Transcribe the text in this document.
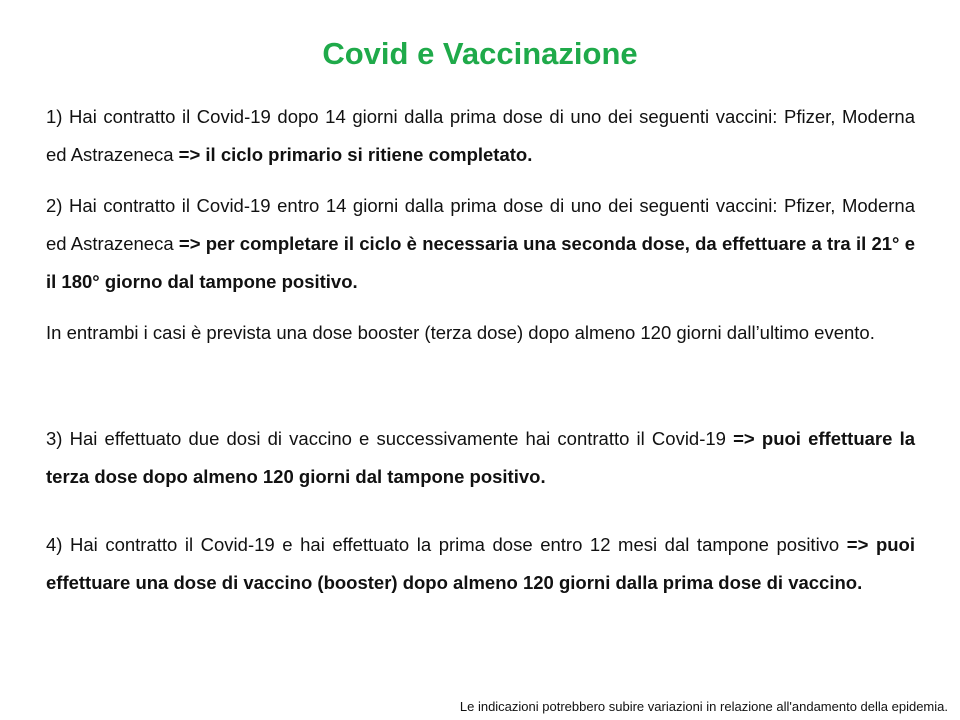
Covid e Vaccinazione

1) Hai contratto il Covid-19 dopo 14 giorni dalla prima dose di uno dei seguenti vaccini: Pfizer, Moderna ed Astrazeneca => il ciclo primario si ritiene completato.

2) Hai contratto il Covid-19 entro 14 giorni dalla prima dose di uno dei seguenti vaccini: Pfizer, Moderna ed Astrazeneca => per completare il ciclo è necessaria una seconda dose, da effettuare a tra il 21° e il 180° giorno dal tampone positivo.

In entrambi i casi è prevista una dose booster (terza dose) dopo almeno 120 giorni dall’ultimo evento.

3) Hai effettuato due dosi di vaccino e successivamente hai contratto il Covid-19 => puoi effettuare la terza dose dopo almeno 120 giorni dal tampone positivo.

4) Hai contratto il Covid-19 e hai effettuato la prima dose entro 12 mesi dal tampone positivo => puoi effettuare una dose di vaccino (booster) dopo almeno 120 giorni dalla prima dose di vaccino.

Le indicazioni potrebbero subire variazioni in relazione all'andamento della epidemia.
